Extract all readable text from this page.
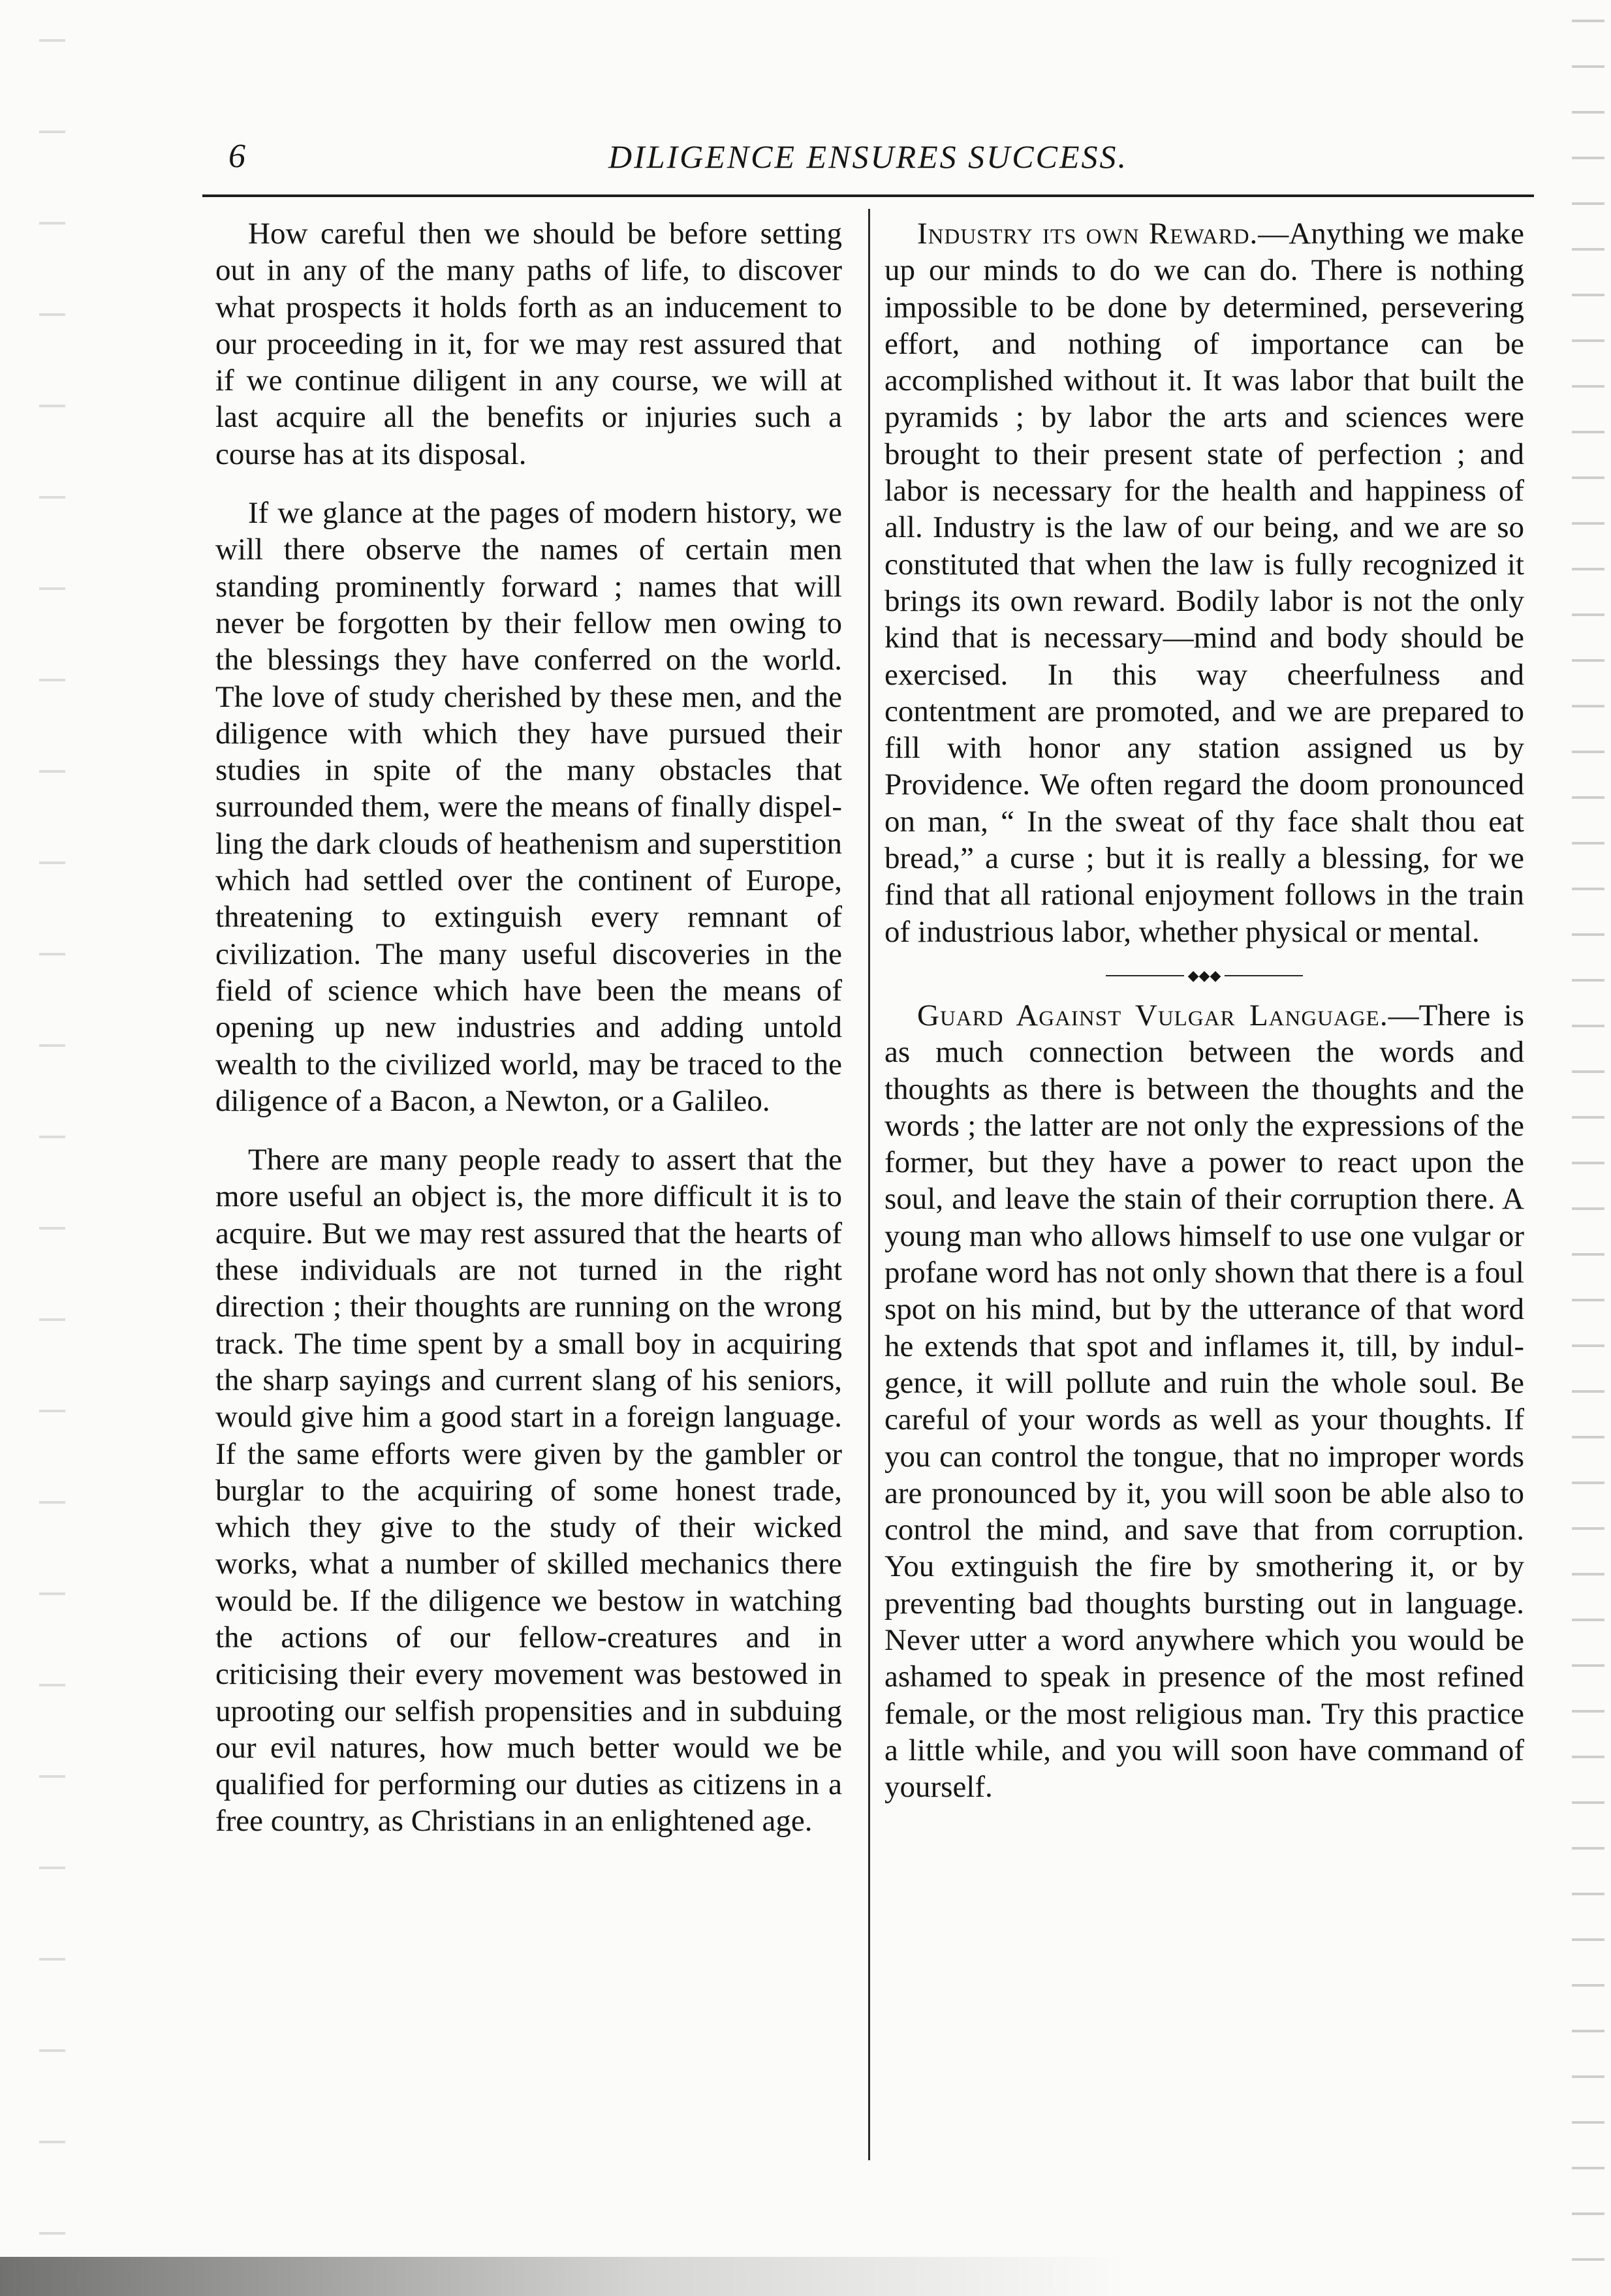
DILIGENCE ENSURES SUCCESS.
6

How careful then we should be before setting out in any of the many paths of life, to discover what prospects it holds forth as an inducement to our proceeding in it, for we may rest assured that if we continue diligent in any course, we will at last acquire all the benefits or injuries such a course has at its disposal.

If we glance at the pages of modern history, we will there observe the names of certain men standing prominently forward ; names that will never be forgotten by their fellow men owing to the blessings they have conferred on the world. The love of study cherished by these men, and the diligence with which they have pursued their studies in spite of the many obstacles that surrounded them, were the means of finally dispelling the dark clouds of heathenism and superstition which had settled over the continent of Europe, threatening to extinguish every remnant of civilization. The many useful discoveries in the field of science which have been the means of opening up new industries and adding untold wealth to the civilized world, may be traced to the diligence of a Bacon, a Newton, or a Galileo.

There are many people ready to assert that the more useful an object is, the more difficult it is to acquire. But we may rest assured that the hearts of these individuals are not turned in the right direction ; their thoughts are running on the wrong track. The time spent by a small boy in acquiring the sharp sayings and current slang of his seniors, would give him a good start in a foreign language. If the same efforts were given by the gambler or burglar to the acquiring of some honest trade, which they give to the study of their wicked works, what a number of skilled mechanics there would be. If the diligence we bestow in watching the actions of our fellow-creatures and in criticising their every movement was bestowed in uprooting our selfish propensities and in subduing our evil natures, how much better would we be qualified for performing our duties as citizens in a free country, as Christians in an enlightened age.

Industry its own Reward.—Anything we make up our minds to do we can do. There is nothing impossible to be done by determined, persevering effort, and nothing of importance can be accomplished without it. It was labor that built the pyramids ; by labor the arts and sciences were brought to their present state of perfection ; and labor is necessary for the health and happiness of all. Industry is the law of our being, and we are so constituted that when the law is fully recognized it brings its own reward. Bodily labor is not the only kind that is necessary—mind and body should be exercised. In this way cheerfulness and contentment are promoted, and we are prepared to fill with honor any station assigned us by Providence. We often regard the doom pronounced on man, “ In the sweat of thy face shalt thou eat bread,” a curse ; but it is really a blessing, for we find that all rational enjoyment follows in the train of industrious labor, whether physical or mental.

◆◆◆

Guard Against Vulgar Language.—There is as much connection between the words and thoughts as there is between the thoughts and the words ; the latter are not only the expressions of the former, but they have a power to react upon the soul, and leave the stain of their corruption there. A young man who allows himself to use one vulgar or profane word has not only shown that there is a foul spot on his mind, but by the utterance of that word he extends that spot and inflames it, till, by indulgence, it will pollute and ruin the whole soul. Be careful of your words as well as your thoughts. If you can control the tongue, that no improper words are pronounced by it, you will soon be able also to control the mind, and save that from corruption. You extinguish the fire by smothering it, or by preventing bad thoughts bursting out in language. Never utter a word anywhere which you would be ashamed to speak in presence of the most refined female, or the most religious man. Try this practice a little while, and you will soon have command of yourself.
